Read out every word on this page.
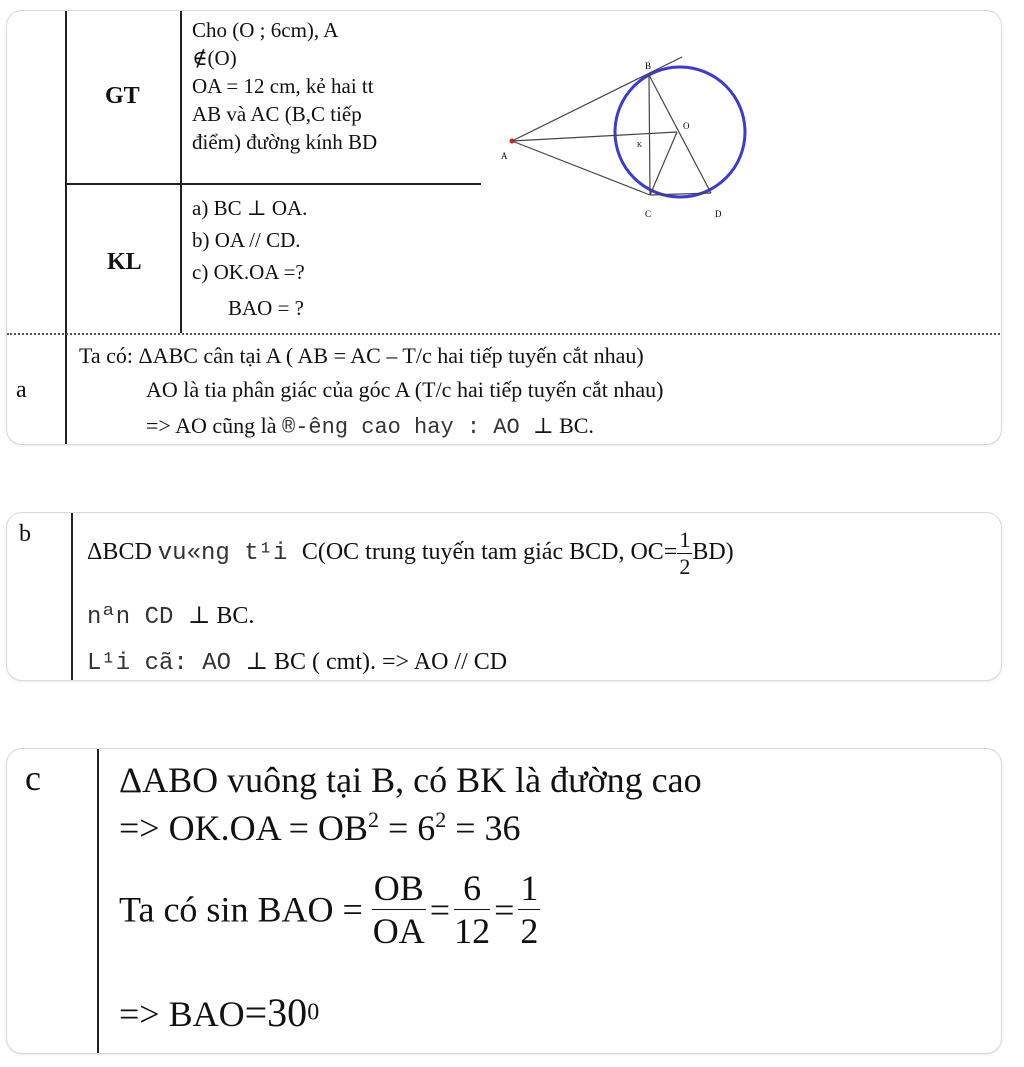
GT
KL
Cho (O ; 6cm), A
∉(O)
OA = 12 cm, kẻ hai tt
AB và AC (B,C tiếp
điểm) đường kính BD
a) BC ⊥ OA.
b) OA // CD.
c) OK.OA =?
BAO = ?
A
B
O
K
C	D
a
Ta có: ΔABC cân tại A ( AB = AC – T/c hai tiếp tuyến cắt nhau)
AO là tia phân giác của góc A (T/c hai tiếp tuyến cắt nhau)
=> AO cũng là ®-êng cao hay : AO ⊥ BC.
b
ΔBCD vu«ng t¹i C(OC trung tuyến tam giác BCD, $OC= \frac{1}{2} BD$)
nªn CD ⊥ BC.
L¹i cã: AO ⊥ BC ( cmt). => AO // CD
c ΔABO vuông tại B, có BK là đường cao
=> $OK.OA = OB^2 = 6^2 = 36$
Ta có sin BAO = $\frac{OB}{OA} = \frac{6}{12} = \frac{1}{2}$
=> $BAO=30^0$
